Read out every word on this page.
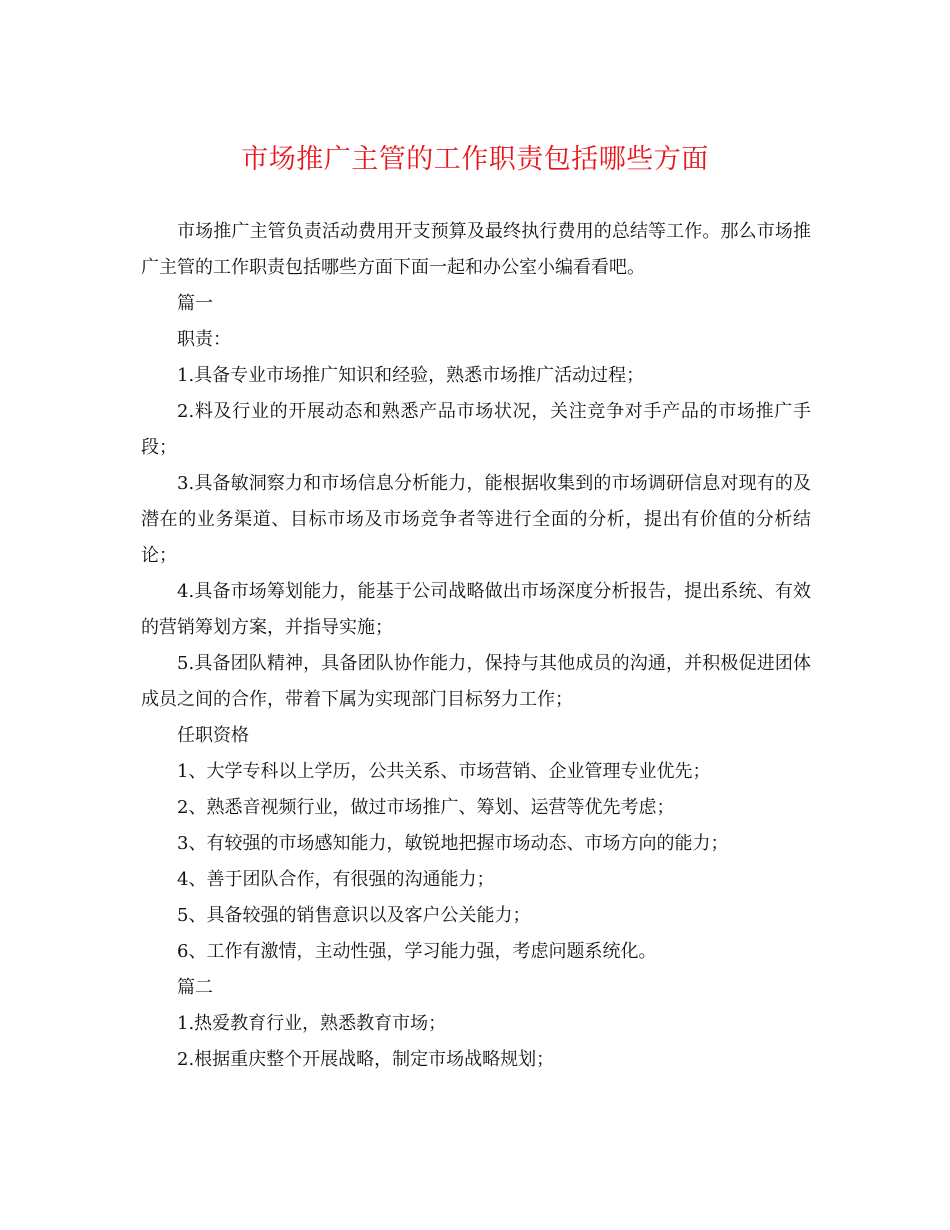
市场推广主管的工作职责包括哪些方面

市场推广主管负责活动费用开支预算及最终执行费用的总结等工作。那么市场推广主管的工作职责包括哪些方面下面一起和办公室小编看看吧。

篇一

职责：

1.具备专业市场推广知识和经验，熟悉市场推广活动过程；

2.料及行业的开展动态和熟悉产品市场状况，关注竞争对手产品的市场推广手段；

3.具备敏洞察力和市场信息分析能力，能根据收集到的市场调研信息对现有的及潜在的业务渠道、目标市场及市场竞争者等进行全面的分析，提出有价值的分析结论；

4.具备市场筹划能力，能基于公司战略做出市场深度分析报告，提出系统、有效的营销筹划方案，并指导实施；

5.具备团队精神，具备团队协作能力，保持与其他成员的沟通，并积极促进团体成员之间的合作，带着下属为实现部门目标努力工作；

任职资格

1、大学专科以上学历，公共关系、市场营销、企业管理专业优先；

2、熟悉音视频行业，做过市场推广、筹划、运营等优先考虑；

3、有较强的市场感知能力，敏锐地把握市场动态、市场方向的能力；

4、善于团队合作，有很强的沟通能力；

5、具备较强的销售意识以及客户公关能力；

6、工作有激情，主动性强，学习能力强，考虑问题系统化。

篇二

1.热爱教育行业，熟悉教育市场；

2.根据重庆整个开展战略，制定市场战略规划；
